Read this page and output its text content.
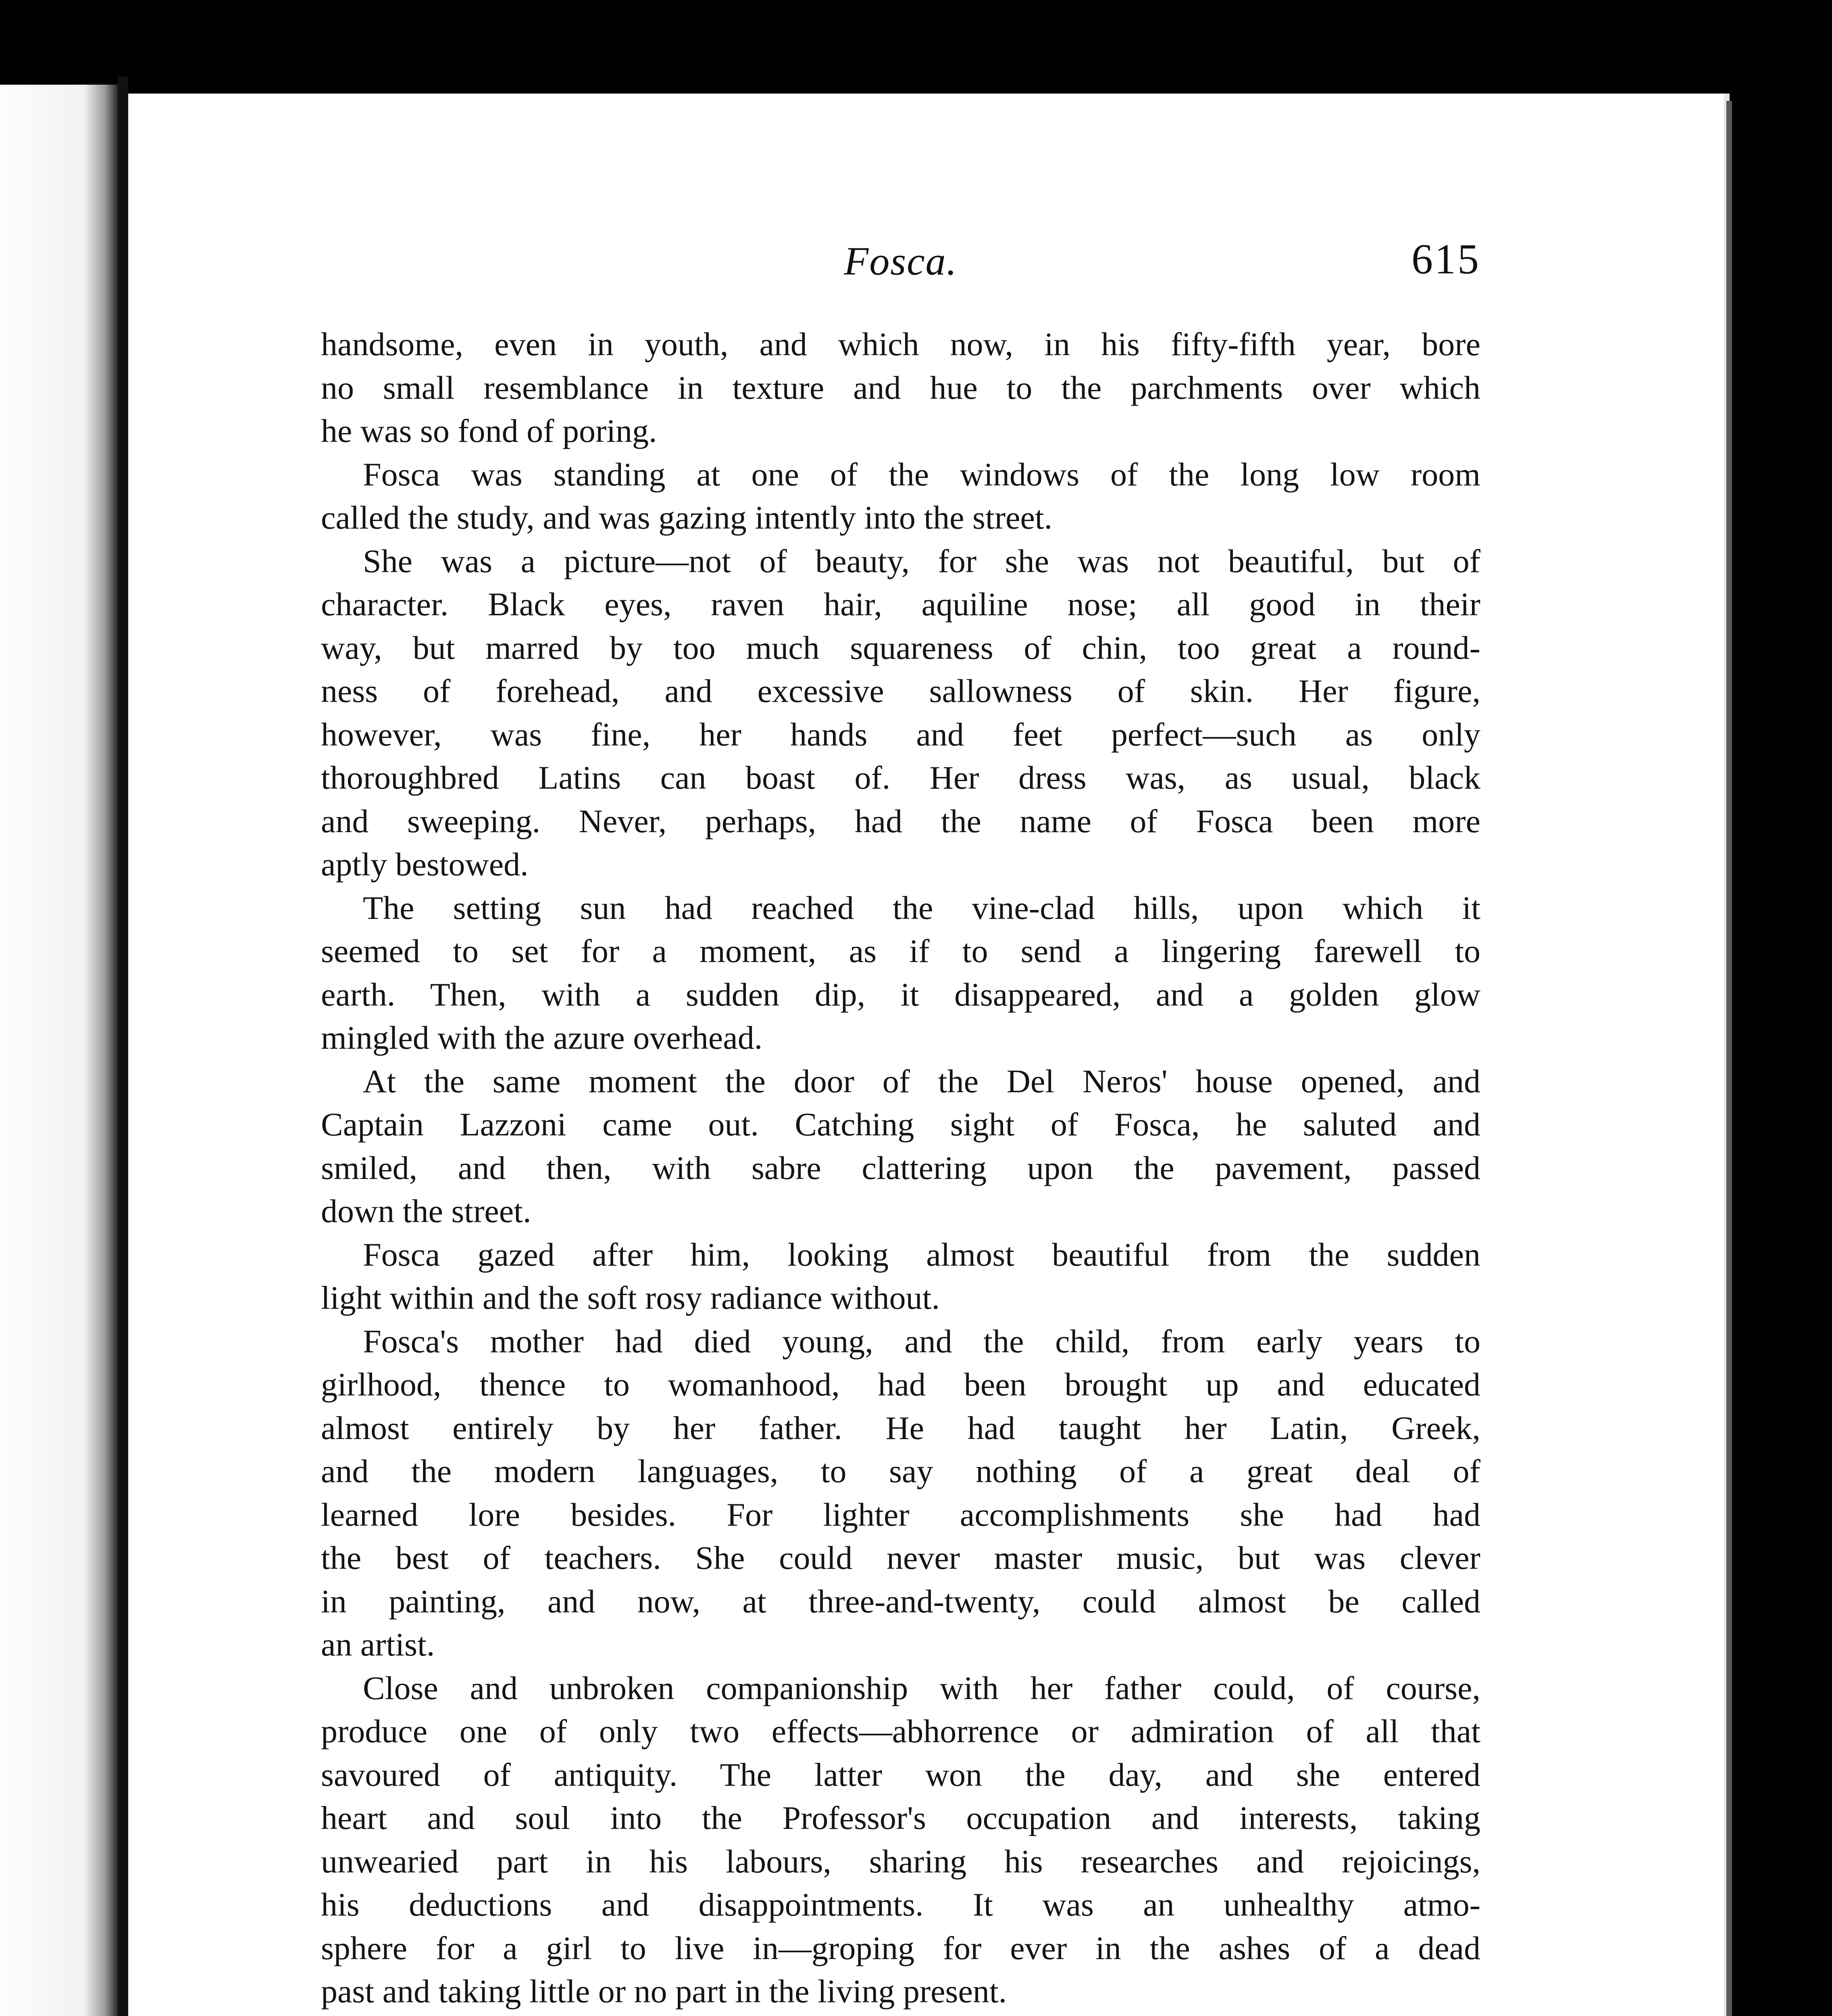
Fosca.	615
handsome, even in youth, and which now, in his fifty-fifth year, bore
no small resemblance in texture and hue to the parchments over which
he was so fond of poring.
Fosca was standing at one of the windows of the long low room
called the study, and was gazing intently into the street.
She was a picture—not of beauty, for she was not beautiful, but of
character. Black eyes, raven hair, aquiline nose; all good in their
way, but marred by too much squareness of chin, too great a round-
ness of forehead, and excessive sallowness of skin. Her figure,
however, was fine, her hands and feet perfect—such as only
thoroughbred Latins can boast of. Her dress was, as usual, black
and sweeping. Never, perhaps, had the name of Fosca been more
aptly bestowed.
The setting sun had reached the vine-clad hills, upon which it
seemed to set for a moment, as if to send a lingering farewell to
earth. Then, with a sudden dip, it disappeared, and a golden glow
mingled with the azure overhead.
At the same moment the door of the Del Neros' house opened, and
Captain Lazzoni came out. Catching sight of Fosca, he saluted and
smiled, and then, with sabre clattering upon the pavement, passed
down the street.
Fosca gazed after him, looking almost beautiful from the sudden
light within and the soft rosy radiance without.
Fosca's mother had died young, and the child, from early years to
girlhood, thence to womanhood, had been brought up and educated
almost entirely by her father. He had taught her Latin, Greek,
and the modern languages, to say nothing of a great deal of
learned lore besides. For lighter accomplishments she had had
the best of teachers. She could never master music, but was clever
in painting, and now, at three-and-twenty, could almost be called
an artist.
Close and unbroken companionship with her father could, of course,
produce one of only two effects—abhorrence or admiration of all that
savoured of antiquity. The latter won the day, and she entered
heart and soul into the Professor's occupation and interests, taking
unwearied part in his labours, sharing his researches and rejoicings,
his deductions and disappointments. It was an unhealthy atmo-
sphere for a girl to live in—groping for ever in the ashes of a dead
past and taking little or no part in the living present.
